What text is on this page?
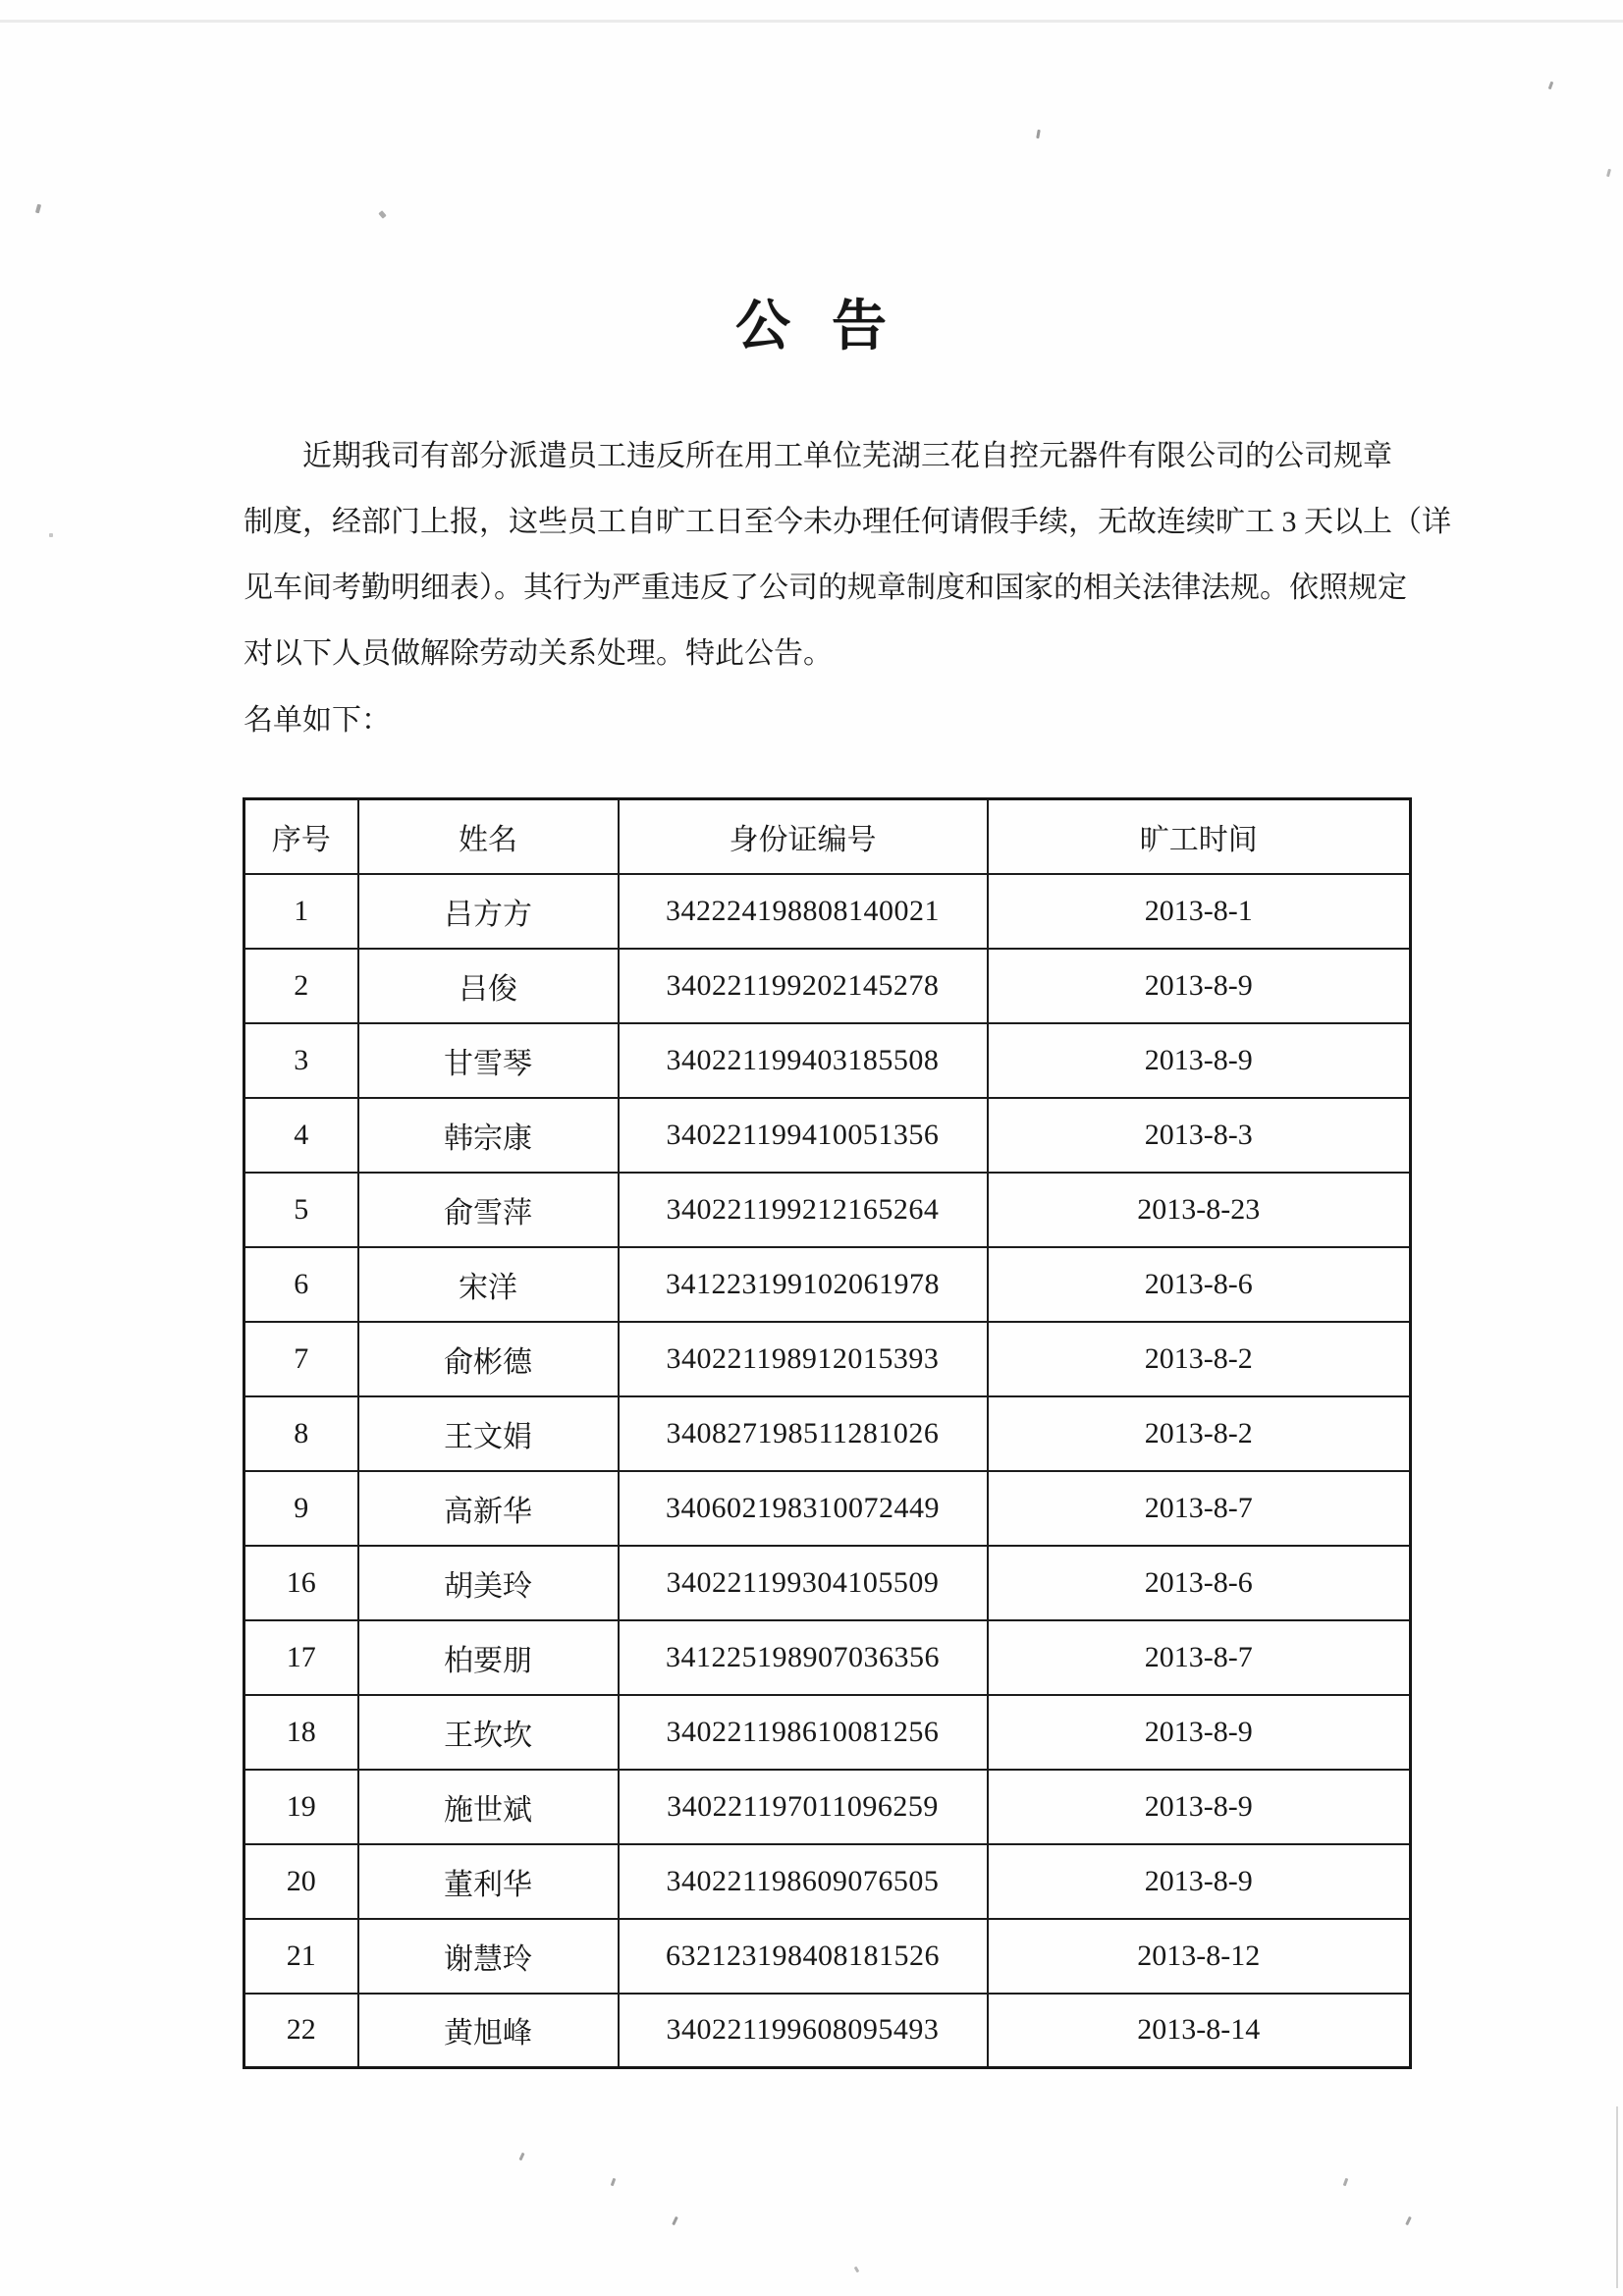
公 告
近期我司有部分派遣员工违反所在用工单位芜湖三花自控元器件有限公司的公司规章
制度，经部门上报，这些员工自旷工日至今未办理任何请假手续，无故连续旷工 3 天以上（详
见车间考勤明细表）。其行为严重违反了公司的规章制度和国家的相关法律法规。依照规定
对以下人员做解除劳动关系处理。特此公告。
名单如下：
序号	姓名	身份证编号	旷工时间
1	吕方方	342224198808140021	2013-8-1
2	吕俊	340221199202145278	2013-8-9
3	甘雪琴	340221199403185508	2013-8-9
4	韩宗康	340221199410051356	2013-8-3
5	俞雪萍	340221199212165264	2013-8-23
6	宋洋	341223199102061978	2013-8-6
7	俞彬德	340221198912015393	2013-8-2
8	王文娟	340827198511281026	2013-8-2
9	高新华	340602198310072449	2013-8-7
16	胡美玲	340221199304105509	2013-8-6
17	柏要朋	341225198907036356	2013-8-7
18	王坎坎	340221198610081256	2013-8-9
19	施世斌	340221197011096259	2013-8-9
20	董利华	340221198609076505	2013-8-9
21	谢慧玲	632123198408181526	2013-8-12
22	黄旭峰	340221199608095493	2013-8-14
